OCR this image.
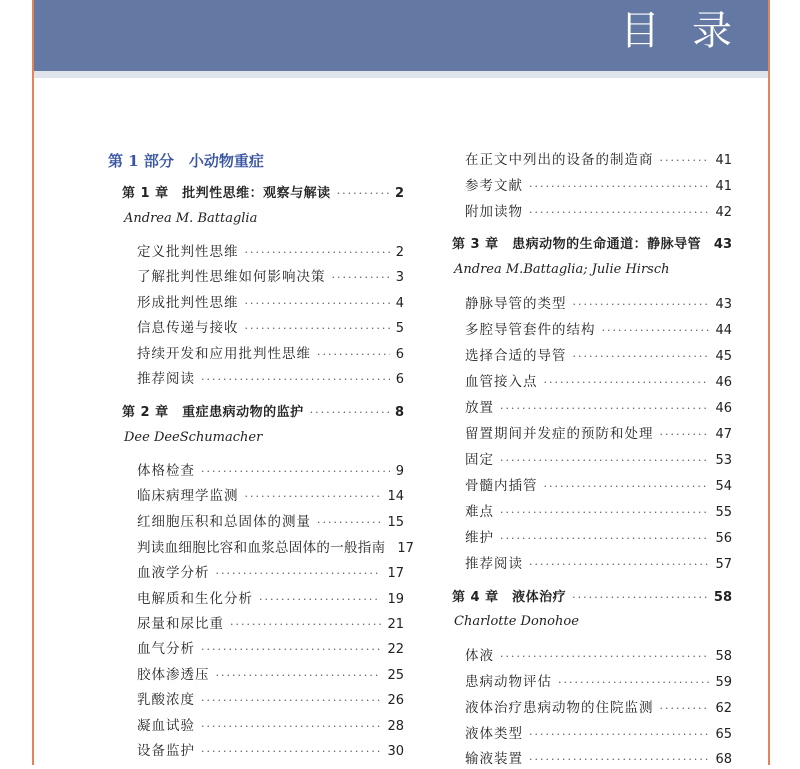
目录
第 1 部分　小动物重症
第 1 章　批判性思维：观察与解读 ·····	2
Andrea M. Battaglia
定义批判性思维 ·····	2
了解批判性思维如何影响决策 ·····	3
形成批判性思维 ·····	4
信息传递与接收 ·····	5
持续开发和应用批判性思维 ·····	6
推荐阅读 ·····	6
第 2 章　重症患病动物的监护 ·····	8
Dee DeeSchumacher
体格检查 ·····	9
临床病理学监测 ·····	14
红细胞压积和总固体的测量 ·····	15
判读血细胞比容和血浆总固体的一般指南 17
血液学分析 ·····	17
电解质和生化分析 ·····	19
尿量和尿比重 ·····	21
血气分析 ·····	22
胶体渗透压 ·····	25
乳酸浓度 ·····	26
凝血试验 ·····	28
设备监护 ·····	30
在正文中列出的设备的制造商 ·····	41
参考文献 ·····	41
附加读物 ·····	42
第 3 章　患病动物的生命通道：静脉导管 ····· 43
Andrea M.Battaglia; Julie Hirsch
静脉导管的类型 ·····	43
多腔导管套件的结构 ·····	44
选择合适的导管 ·····	45
血管接入点 ·····	46
放置 ·····	46
留置期间并发症的预防和处理 ·····	47
固定 ·····	53
骨髓内插管 ·····	54
难点 ·····	55
维护 ·····	56
推荐阅读 ·····	57
第 4 章　液体治疗 ·····	58
Charlotte Donohoe
体液 ·····	58
患病动物评估 ·····	59
液体治疗患病动物的住院监测 ·····	62
液体类型 ·····	65
输液装置 ·····	68
